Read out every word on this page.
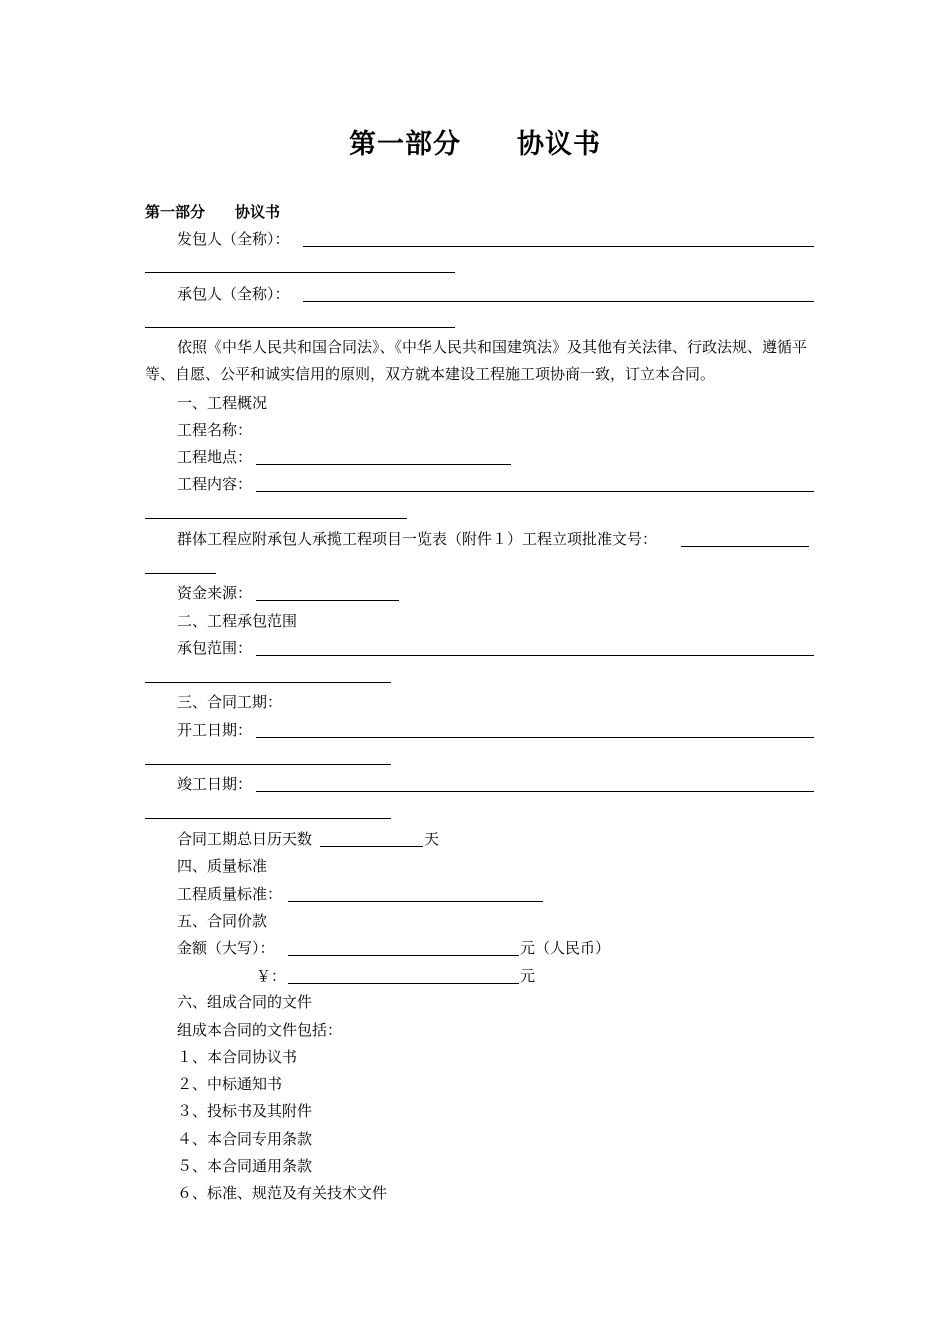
第一部分　　协议书
第一部分　　协议书
发包人（全称）：
承包人（全称）：
依照《中华人民共和国合同法》、《中华人民共和国建筑法》及其他有关法律、行政法规、遵循平等、自愿、公平和诚实信用的原则，双方就本建设工程施工项协商一致，订立本合同。
一、工程概况
工程名称：
工程地点：
工程内容：
群体工程应附承包人承揽工程项目一览表（附件１）工程立项批准文号：
资金来源：
二、工程承包范围
承包范围：
三、合同工期：
开工日期：
竣工日期：
合同工期总日历天数	天
四、质量标准
工程质量标准：
五、合同价款
金额（大写）：	元（人民币）
￥：	元
六、组成合同的文件
组成本合同的文件包括：
１、本合同协议书
２、中标通知书
３、投标书及其附件
４、本合同专用条款
５、本合同通用条款
６、标准、规范及有关技术文件
